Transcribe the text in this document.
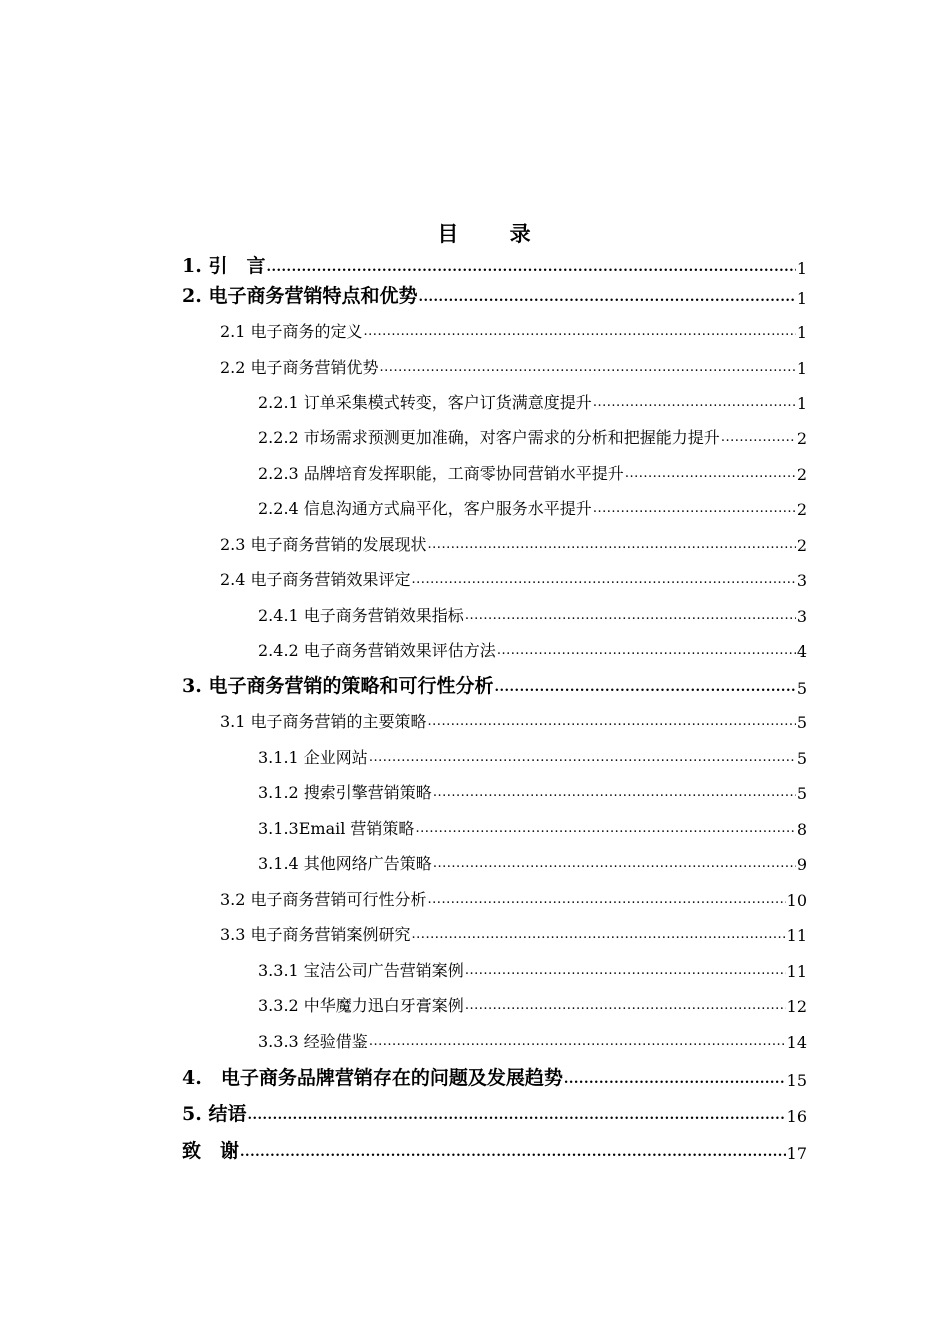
目 录
1. 引　言 .....	1
2. 电子商务营销特点和优势 .....	1
2.1 电子商务的定义 .....	1
2.2 电子商务营销优势 .....	1
2.2.1 订单采集模式转变，客户订货满意度提升 .....	1
2.2.2 市场需求预测更加准确，对客户需求的分析和把握能力提升 .....	2
2.2.3 品牌培育发挥职能，工商零协同营销水平提升 .....	2
2.2.4 信息沟通方式扁平化，客户服务水平提升 .....	2
2.3 电子商务营销的发展现状 .....	2
2.4 电子商务营销效果评定 .....	3
2.4.1 电子商务营销效果指标 .....	3
2.4.2 电子商务营销效果评估方法 .....	4
3. 电子商务营销的策略和可行性分析 .....	5
3.1 电子商务营销的主要策略 .....	5
3.1.1 企业网站 .....	5
3.1.2 搜索引擎营销策略 .....	5
3.1.3Email 营销策略 .....	8
3.1.4 其他网络广告策略 .....	9
3.2 电子商务营销可行性分析 .....	10
3.3 电子商务营销案例研究 .....	11
3.3.1 宝洁公司广告营销案例 .....	11
3.3.2 中华魔力迅白牙膏案例 .....	12
3.3.3 经验借鉴 .....	14
4.　电子商务品牌营销存在的问题及发展趋势 .....	15
5. 结语 .....	16
致　谢 .....	17
